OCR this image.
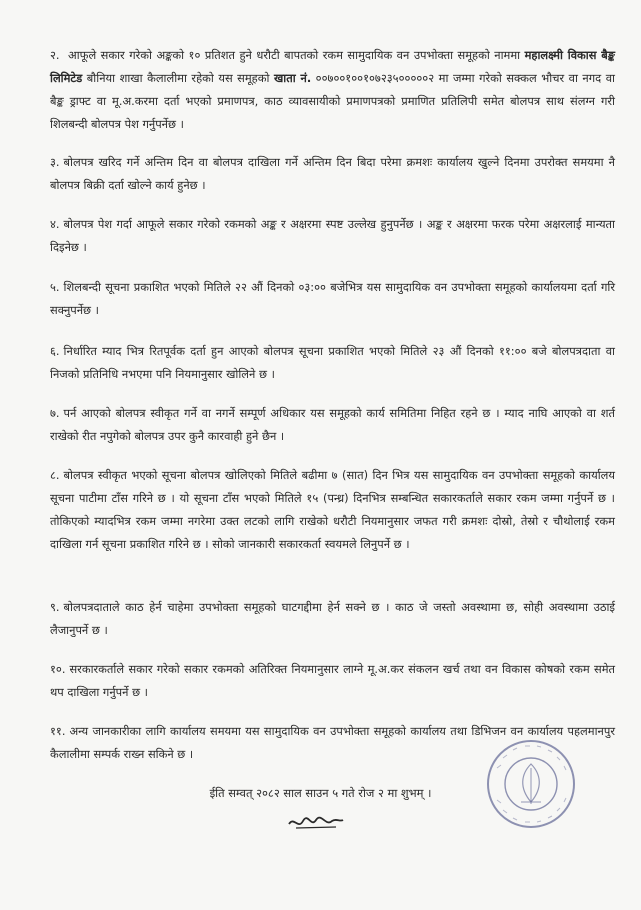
२. आफूले सकार गरेको अङ्कको १० प्रतिशत हुने धरौटी बापतको रकम सामुदायिक वन उपभोक्ता समूहको नाममा महालक्ष्मी विकास बैङ्क लिमिटेड बौनिया शाखा कैलालीमा रहेको यस समूहको खाता नं. ००७००१००१०७२३५०००००२ मा जम्मा गरेको सक्कल भौचर वा नगद वा बैङ्क ड्राफ्ट वा मू.अ.करमा दर्ता भएको प्रमाणपत्र, काठ व्यावसायीको प्रमाणपत्रको प्रमाणित प्रतिलिपी समेत बोलपत्र साथ संलग्न गरी शिलबन्दी बोलपत्र पेश गर्नुपर्नेछ ।
३. बोलपत्र खरिद गर्ने अन्तिम दिन वा बोलपत्र दाखिला गर्ने अन्तिम दिन बिदा परेमा क्रमशः कार्यालय खुल्ने दिनमा उपरोक्त समयमा नै बोलपत्र बिक्री दर्ता खोल्ने कार्य हुनेछ ।
४. बोलपत्र पेश गर्दा आफूले सकार गरेको रकमको अङ्क र अक्षरमा स्पष्ट उल्लेख हुनुपर्नेछ । अङ्क र अक्षरमा फरक परेमा अक्षरलाई मान्यता दिइनेछ ।
५. शिलबन्दी सूचना प्रकाशित भएको मितिले २२ औं दिनको ०३:०० बजेभित्र यस सामुदायिक वन उपभोक्ता समूहको कार्यालयमा दर्ता गरि सक्नुपर्नेछ ।
६. निर्धारित म्याद भित्र रितपूर्वक दर्ता हुन आएको बोलपत्र सूचना प्रकाशित भएको मितिले २३ औं दिनको ११:०० बजे बोलपत्रदाता वा निजको प्रतिनिधि नभएमा पनि नियमानुसार खोलिने छ ।
७. पर्न आएको बोलपत्र स्वीकृत गर्ने वा नगर्ने सम्पूर्ण अधिकार यस समूहको कार्य समितिमा निहित रहने छ । म्याद नाघि आएको वा शर्त राखेको रीत नपुगेको बोलपत्र उपर कुनै कारवाही हुने छैन ।
८. बोलपत्र स्वीकृत भएको सूचना बोलपत्र खोलिएको मितिले बढीमा ७ (सात) दिन भित्र यस सामुदायिक वन उपभोक्ता समूहको कार्यालय सूचना पाटीमा टाँस गरिने छ । यो सूचना टाँस भएको मितिले १५ (पन्ध्र) दिनभित्र सम्बन्धित सकारकर्ताले सकार रकम जम्मा गर्नुपर्ने छ । तोकिएको म्यादभित्र रकम जम्मा नगरेमा उक्त लटको लागि राखेको धरौटी नियमानुसार जफत गरी क्रमशः दोस्रो, तेस्रो र चौथोलाई रकम दाखिला गर्न सूचना प्रकाशित गरिने छ । सोको जानकारी सकारकर्ता स्वयमले लिनुपर्ने छ ।
९. बोलपत्रदाताले काठ हेर्न चाहेमा उपभोक्ता समूहको घाटगद्दीमा हेर्न सक्ने छ । काठ जे जस्तो अवस्थामा छ, सोही अवस्थामा उठाई लैजानुपर्ने छ ।
१०. सरकारकर्ताले सकार गरेको सकार रकमको अतिरिक्त नियमानुसार लाग्ने मू.अ.कर संकलन खर्च तथा वन विकास कोषको रकम समेत थप दाखिला गर्नुपर्ने छ ।
११. अन्य जानकारीका लागि कार्यालय समयमा यस सामुदायिक वन उपभोक्ता समूहको कार्यालय तथा डिभिजन वन कार्यालय पहलमानपुर कैलालीमा सम्पर्क राख्न सकिने छ ।
ईति सम्वत् २०८२ साल साउन ५ गते रोज २ मा शुभम् ।
